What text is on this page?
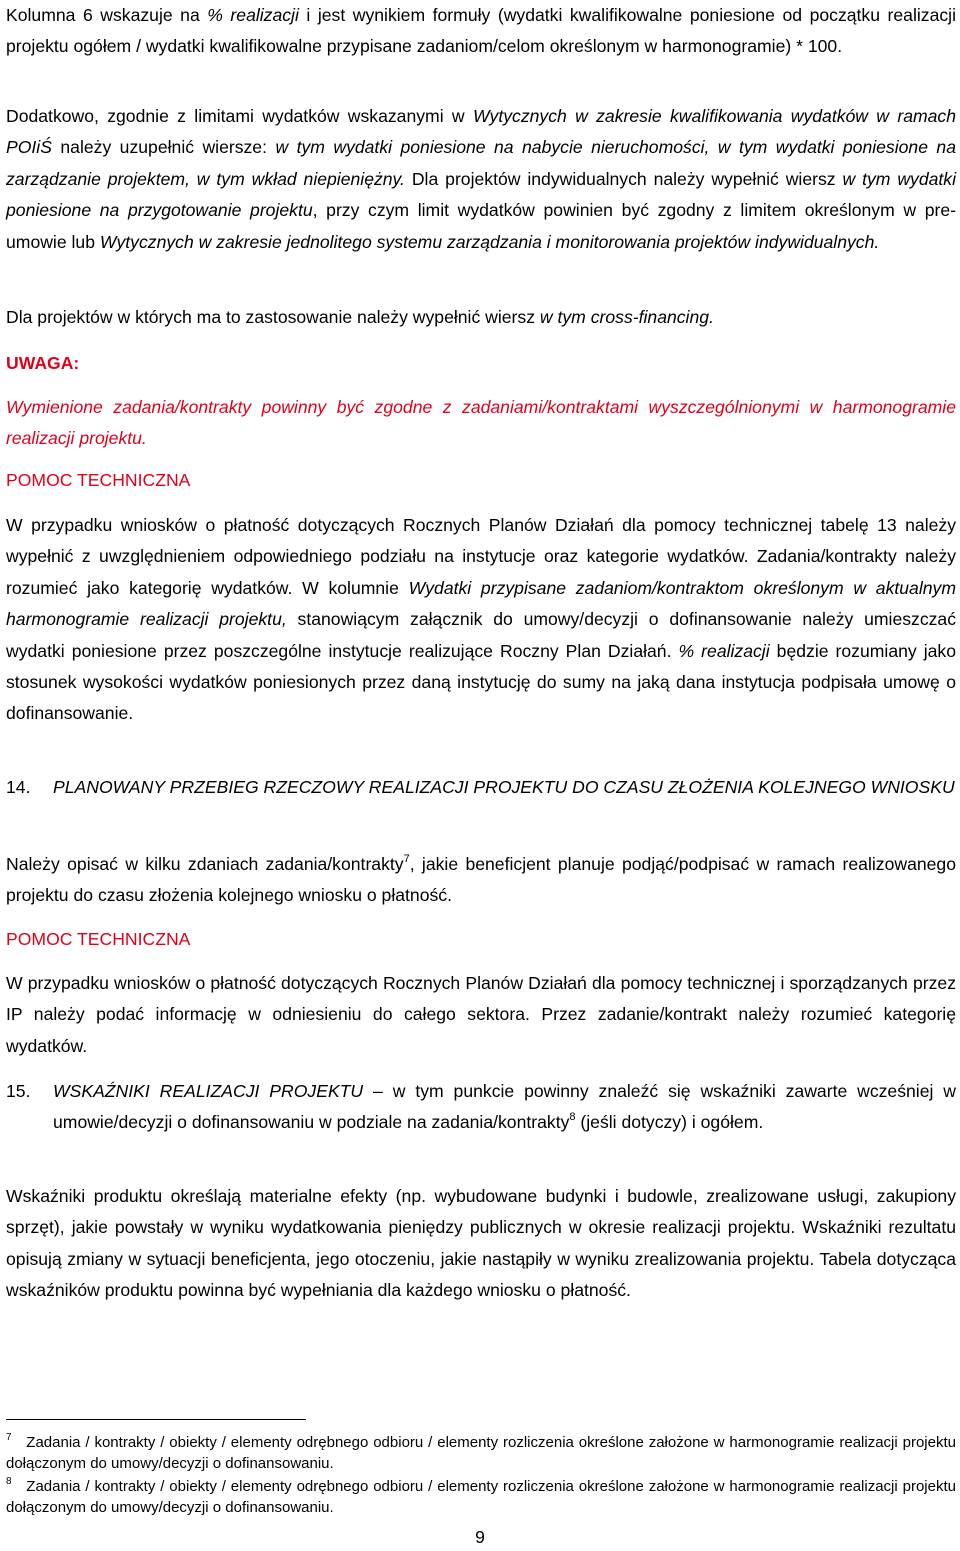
Kolumna 6 wskazuje na % realizacji i jest wynikiem formuły (wydatki kwalifikowalne poniesione od początku realizacji projektu ogółem / wydatki kwalifikowalne przypisane zadaniom/celom określonym w harmonogramie) * 100.

Dodatkowo, zgodnie z limitami wydatków wskazanymi w Wytycznych w zakresie kwalifikowania wydatków w ramach POIiŚ należy uzupełnić wiersze: w tym wydatki poniesione na nabycie nieruchomości, w tym wydatki poniesione na zarządzanie projektem, w tym wkład niepieniężny. Dla projektów indywidualnych należy wypełnić wiersz w tym wydatki poniesione na przygotowanie projektu, przy czym limit wydatków powinien być zgodny z limitem określonym w pre-umowie lub Wytycznych w zakresie jednolitego systemu zarządzania i monitorowania projektów indywidualnych.

Dla projektów w których ma to zastosowanie należy wypełnić wiersz w tym cross-financing.

UWAGA:

Wymienione zadania/kontrakty powinny być zgodne z zadaniami/kontraktami wyszczególnionymi w harmonogramie realizacji projektu.

POMOC TECHNICZNA

W przypadku wniosków o płatność dotyczących Rocznych Planów Działań dla pomocy technicznej tabelę 13 należy wypełnić z uwzględnieniem odpowiedniego podziału na instytucje oraz kategorie wydatków. Zadania/kontrakty należy rozumieć jako kategorię wydatków. W kolumnie Wydatki przypisane zadaniom/kontraktom określonym w aktualnym harmonogramie realizacji projektu, stanowiącym załącznik do umowy/decyzji o dofinansowanie należy umieszczać wydatki poniesione przez poszczególne instytucje realizujące Roczny Plan Działań. % realizacji będzie rozumiany jako stosunek wysokości wydatków poniesionych przez daną instytucję do sumy na jaką dana instytucja podpisała umowę o dofinansowanie.

14.	PLANOWANY PRZEBIEG RZECZOWY REALIZACJI PROJEKTU DO CZASU ZŁOŻENIA KOLEJNEGO WNIOSKU

Należy opisać w kilku zdaniach zadania/kontrakty$^7$, jakie beneficjent planuje podjąć/podpisać w ramach realizowanego projektu do czasu złożenia kolejnego wniosku o płatność.

POMOC TECHNICZNA

W przypadku wniosków o płatność dotyczących Rocznych Planów Działań dla pomocy technicznej i sporządzanych przez IP należy podać informację w odniesieniu do całego sektora. Przez zadanie/kontrakt należy rozumieć kategorię wydatków.

15.	WSKAŹNIKI REALIZACJI PROJEKTU – w tym punkcie powinny znaleźć się wskaźniki zawarte wcześniej w umowie/decyzji o dofinansowaniu w podziale na zadania/kontrakty$^8$ (jeśli dotyczy) i ogółem.

Wskaźniki produktu określają materialne efekty (np. wybudowane budynki i budowle, zrealizowane usługi, zakupiony sprzęt), jakie powstały w wyniku wydatkowania pieniędzy publicznych w okresie realizacji projektu. Wskaźniki rezultatu opisują zmiany w sytuacji beneficjenta, jego otoczeniu, jakie nastąpiły w wyniku zrealizowania projektu. Tabela dotycząca wskaźników produktu powinna być wypełniania dla każdego wniosku o płatność.

$^7$ Zadania / kontrakty / obiekty / elementy odrębnego odbioru / elementy rozliczenia określone założone w harmonogramie realizacji projektu dołączonym do umowy/decyzji o dofinansowaniu.
$^8$ Zadania / kontrakty / obiekty / elementy odrębnego odbioru / elementy rozliczenia określone założone w harmonogramie realizacji projektu dołączonym do umowy/decyzji o dofinansowaniu.
9
